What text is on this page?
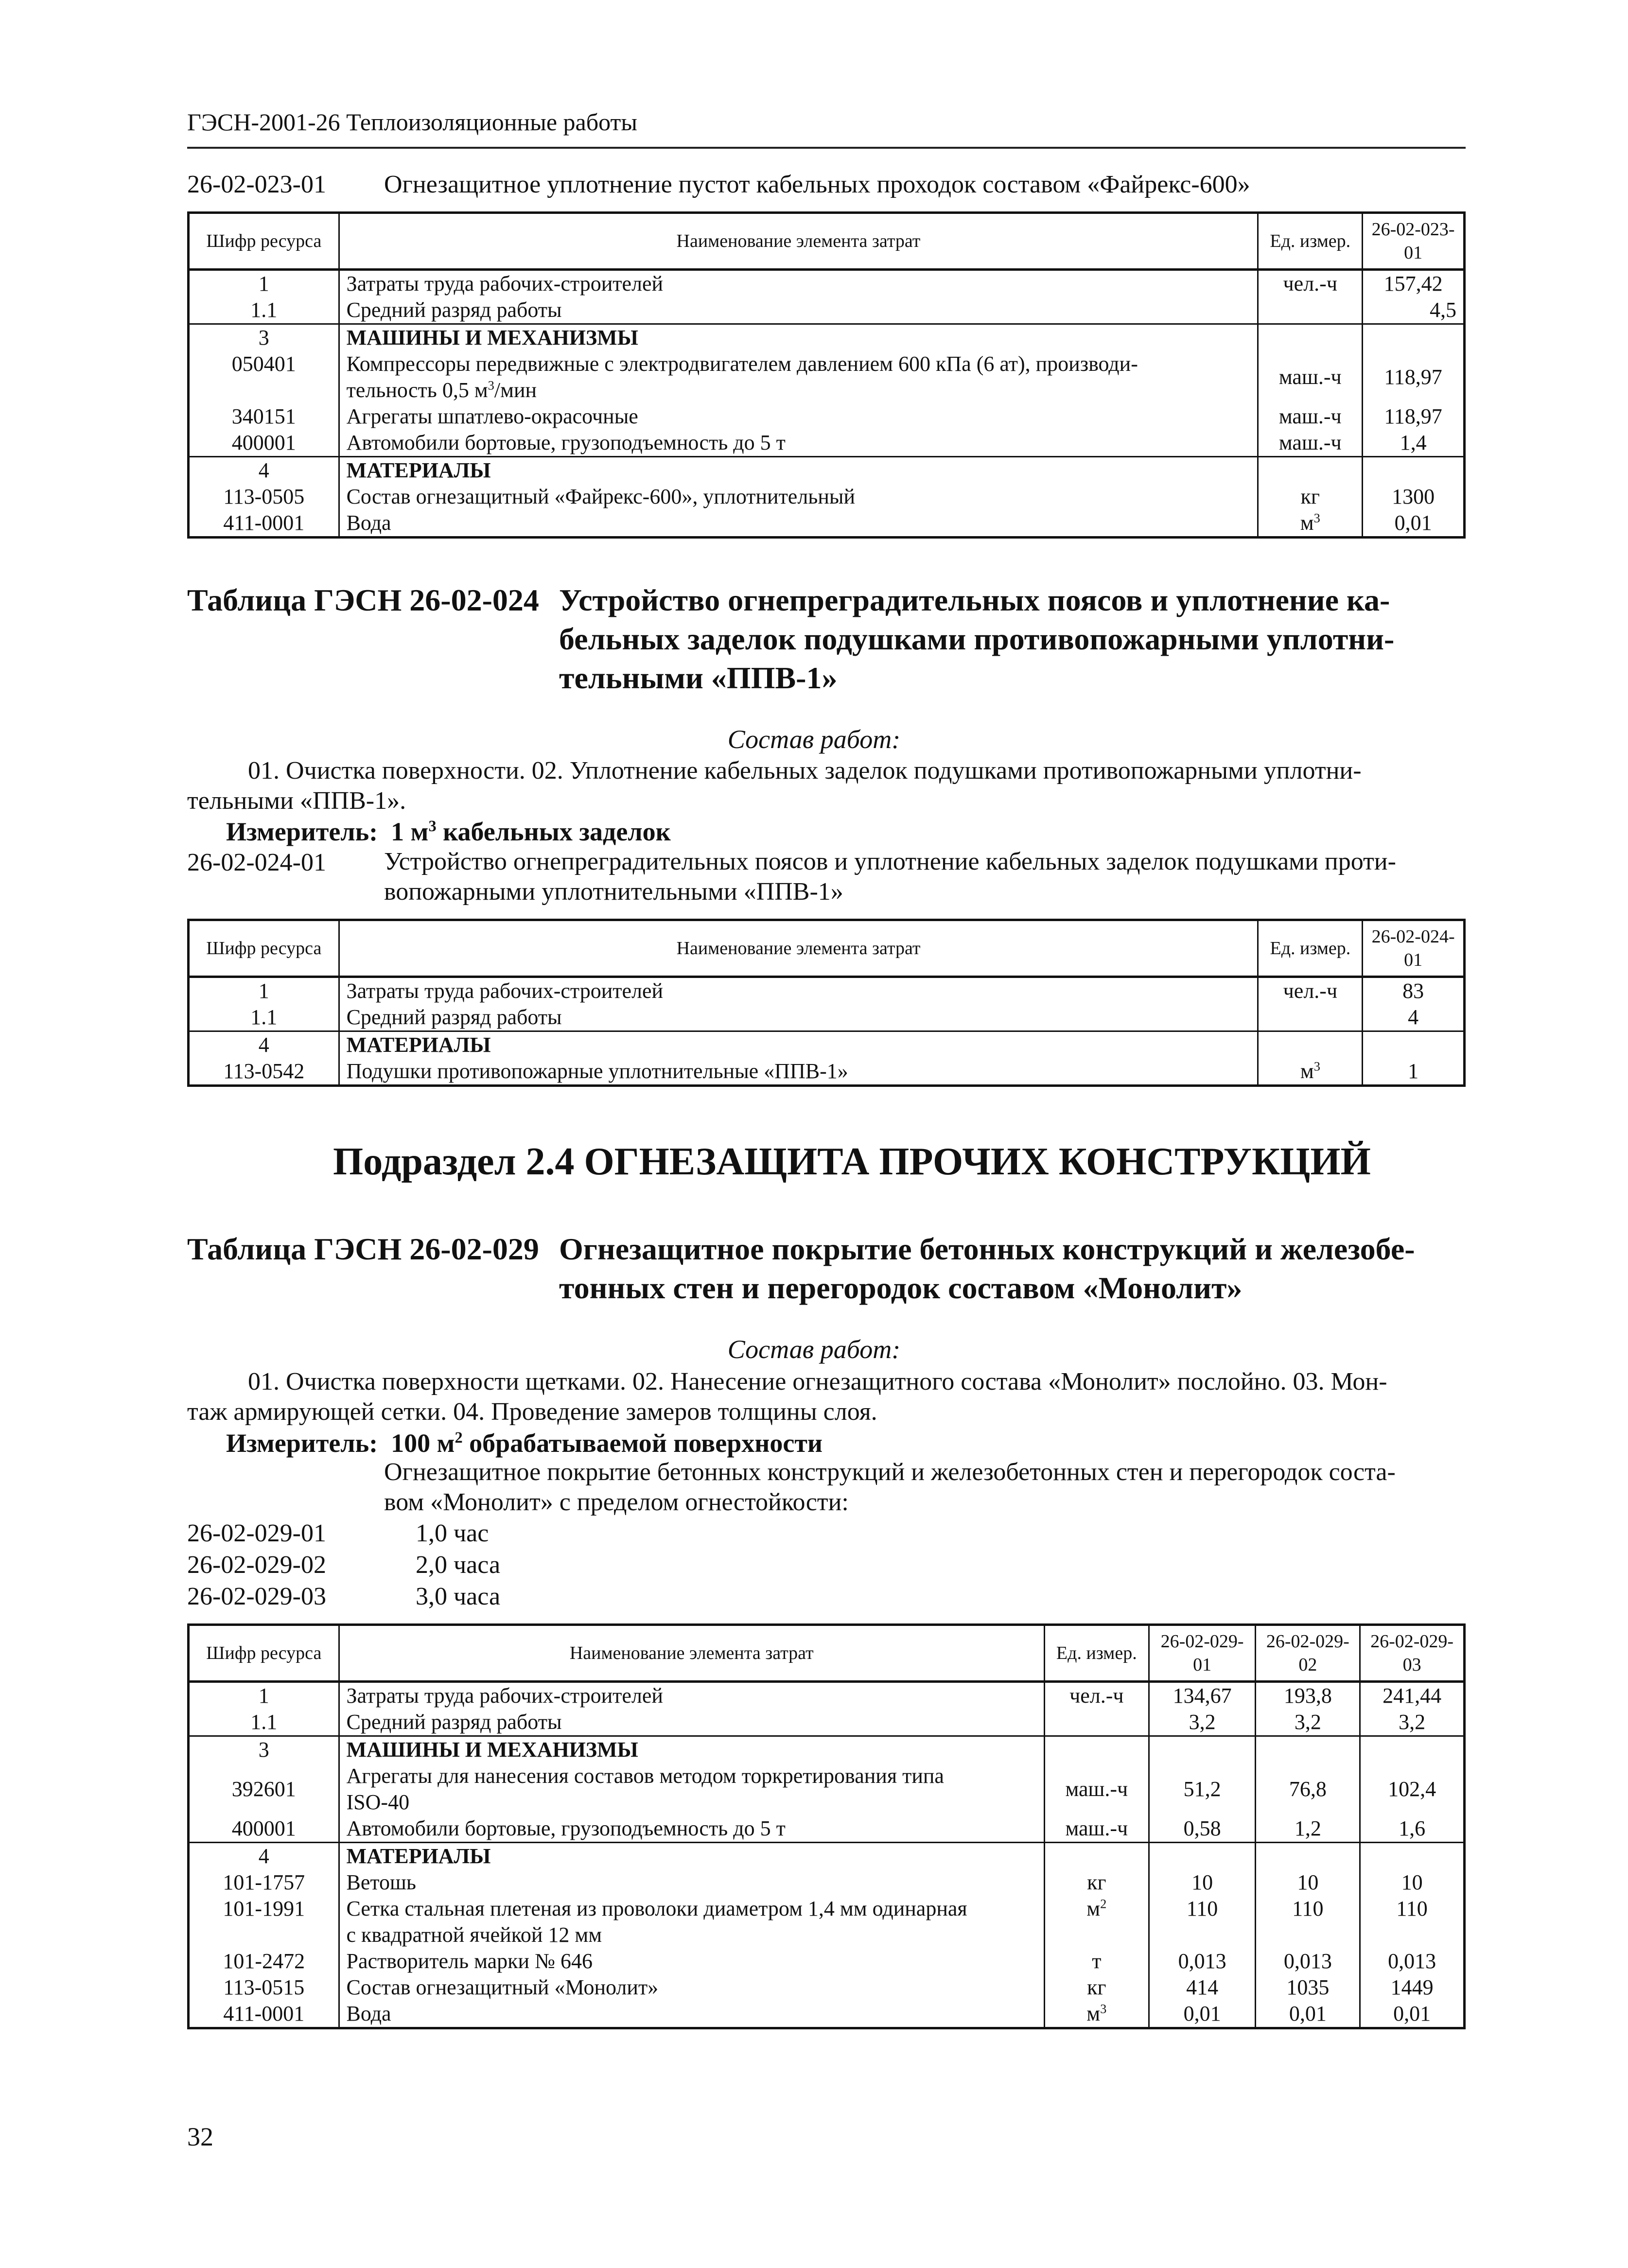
ГЭСН-2001-26 Теплоизоляционные работы
26-02-023-01 Огнезащитное уплотнение пустот кабельных проходок составом «Файрекс-600»
Шифр ресурса	Наименование элемента затрат	Ед. измер.	26-02-023-01
1	Затраты труда рабочих-строителей	чел.-ч	157,42
1.1	Средний разряд работы		4,5
3	МАШИНЫ И МЕХАНИЗМЫ		
050401	Компрессоры передвижные с электродвигателем давлением 600 кПа (6 ат), производи-
тельность 0,5 $м^3$/мин	маш.-ч	118,97
340151	Агрегаты шпатлево-окрасочные	маш.-ч	118,97
400001	Автомобили бортовые, грузоподъемность до 5 т	маш.-ч	1,4
4	МАТЕРИАЛЫ		
113-0505	Состав огнезащитный «Файрекс-600», уплотнительный	кг	1300
411-0001	Вода	$м^3$	0,01
Таблица ГЭСН 26-02-024 Устройство огнепреградительных поясов и уплотнение ка-
бельных заделок подушками противопожарными уплотни-
тельными «ППВ-1»
Состав работ:
01. Очистка поверхности. 02. Уплотнение кабельных заделок подушками противопожарными уплотни-
тельными «ППВ-1».
Измеритель: 1 $м^3$ кабельных заделок
26-02-024-01 Устройство огнепреградительных поясов и уплотнение кабельных заделок подушками проти-
вопожарными уплотнительными «ППВ-1»
Шифр ресурса	Наименование элемента затрат	Ед. измер.	26-02-024-01
1	Затраты труда рабочих-строителей	чел.-ч	83
1.1	Средний разряд работы		4
4	МАТЕРИАЛЫ		
113-0542	Подушки противопожарные уплотнительные «ППВ-1»	$м^3$	1
Подраздел 2.4 ОГНЕЗАЩИТА ПРОЧИХ КОНСТРУКЦИЙ
Таблица ГЭСН 26-02-029 Огнезащитное покрытие бетонных конструкций и железобе-
тонных стен и перегородок составом «Монолит»
Состав работ:
01. Очистка поверхности щетками. 02. Нанесение огнезащитного состава «Монолит» послойно. 03. Мон-
таж армирующей сетки. 04. Проведение замеров толщины слоя.
Измеритель: 100 $м^2$ обрабатываемой поверхности
Огнезащитное покрытие бетонных конструкций и железобетонных стен и перегородок соста-
вом «Монолит» с пределом огнестойкости:
26-02-029-01	1,0 час
26-02-029-02	2,0 часа
26-02-029-03	3,0 часа
Шифр ресурса	Наименование элемента затрат	Ед. измер.	26-02-029-01	26-02-029-02	26-02-029-03
1	Затраты труда рабочих-строителей	чел.-ч	134,67	193,8	241,44
1.1	Средний разряд работы		3,2	3,2	3,2
3	МАШИНЫ И МЕХАНИЗМЫ				
392601	Агрегаты для нанесения составов методом торкретирования типа
ISO-40	маш.-ч	51,2	76,8	102,4
400001	Автомобили бортовые, грузоподъемность до 5 т	маш.-ч	0,58	1,2	1,6
4	МАТЕРИАЛЫ				
101-1757	Ветошь	кг	10	10	10
101-1991	Сетка стальная плетеная из проволоки диаметром 1,4 мм одинарная
с квадратной ячейкой 12 мм	$м^2$	110	110	110
101-2472	Растворитель марки № 646	т	0,013	0,013	0,013
113-0515	Состав огнезащитный «Монолит»	кг	414	1035	1449
411-0001	Вода	$м^3$	0,01	0,01	0,01
32
